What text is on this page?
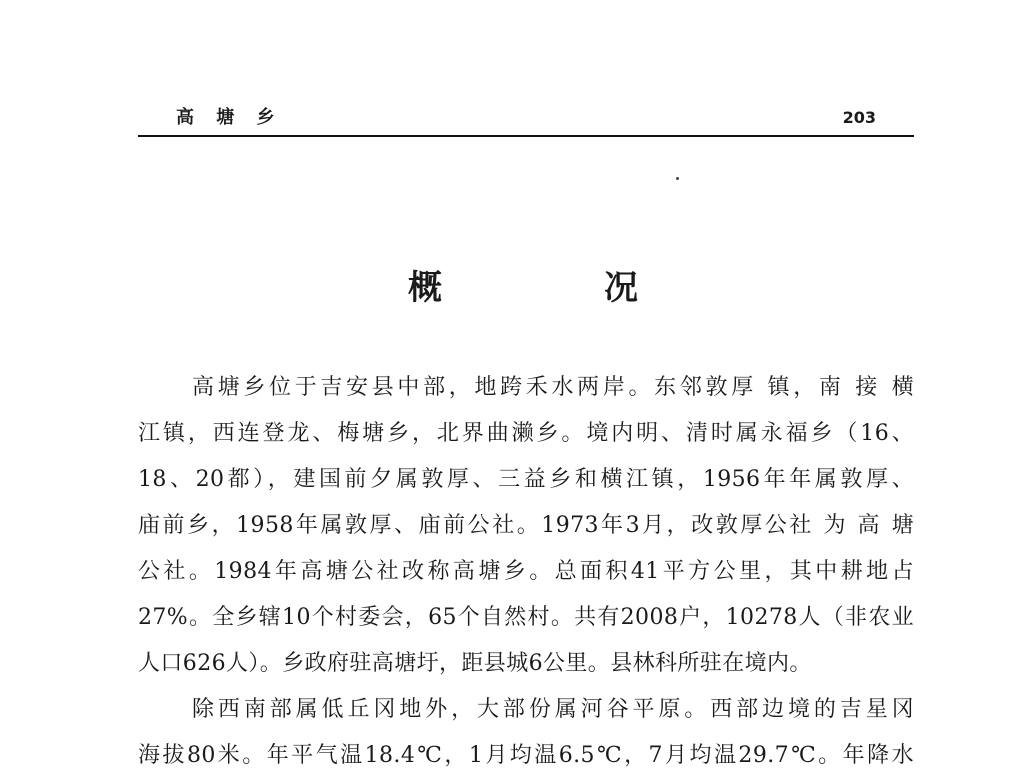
高 塘 乡	203
概	况
高塘乡位于吉安县中部，地跨禾水两岸。东邻敦厚 镇，南 接 横
江镇，西连登龙、梅塘乡，北界曲濑乡。境内明、清时属永福乡（16、
18、20都），建国前夕属敦厚、三益乡和横江镇，1956年年属敦厚、
庙前乡，1958年属敦厚、庙前公社。1973年3月，改敦厚公社 为 高 塘
公社。1984年高塘公社改称高塘乡。总面积41平方公里，其中耕地占
27%。全乡辖10个村委会，65个自然村。共有2008户，10278人（非农业
人口626人）。乡政府驻高塘圩，距县城6公里。县林科所驻在境内。
除西南部属低丘冈地外，大部份属河谷平原。西部边境的吉星冈
海拔80米。年平气温18.4℃，1月均温6.5℃，7月均温29.7℃。年降水
